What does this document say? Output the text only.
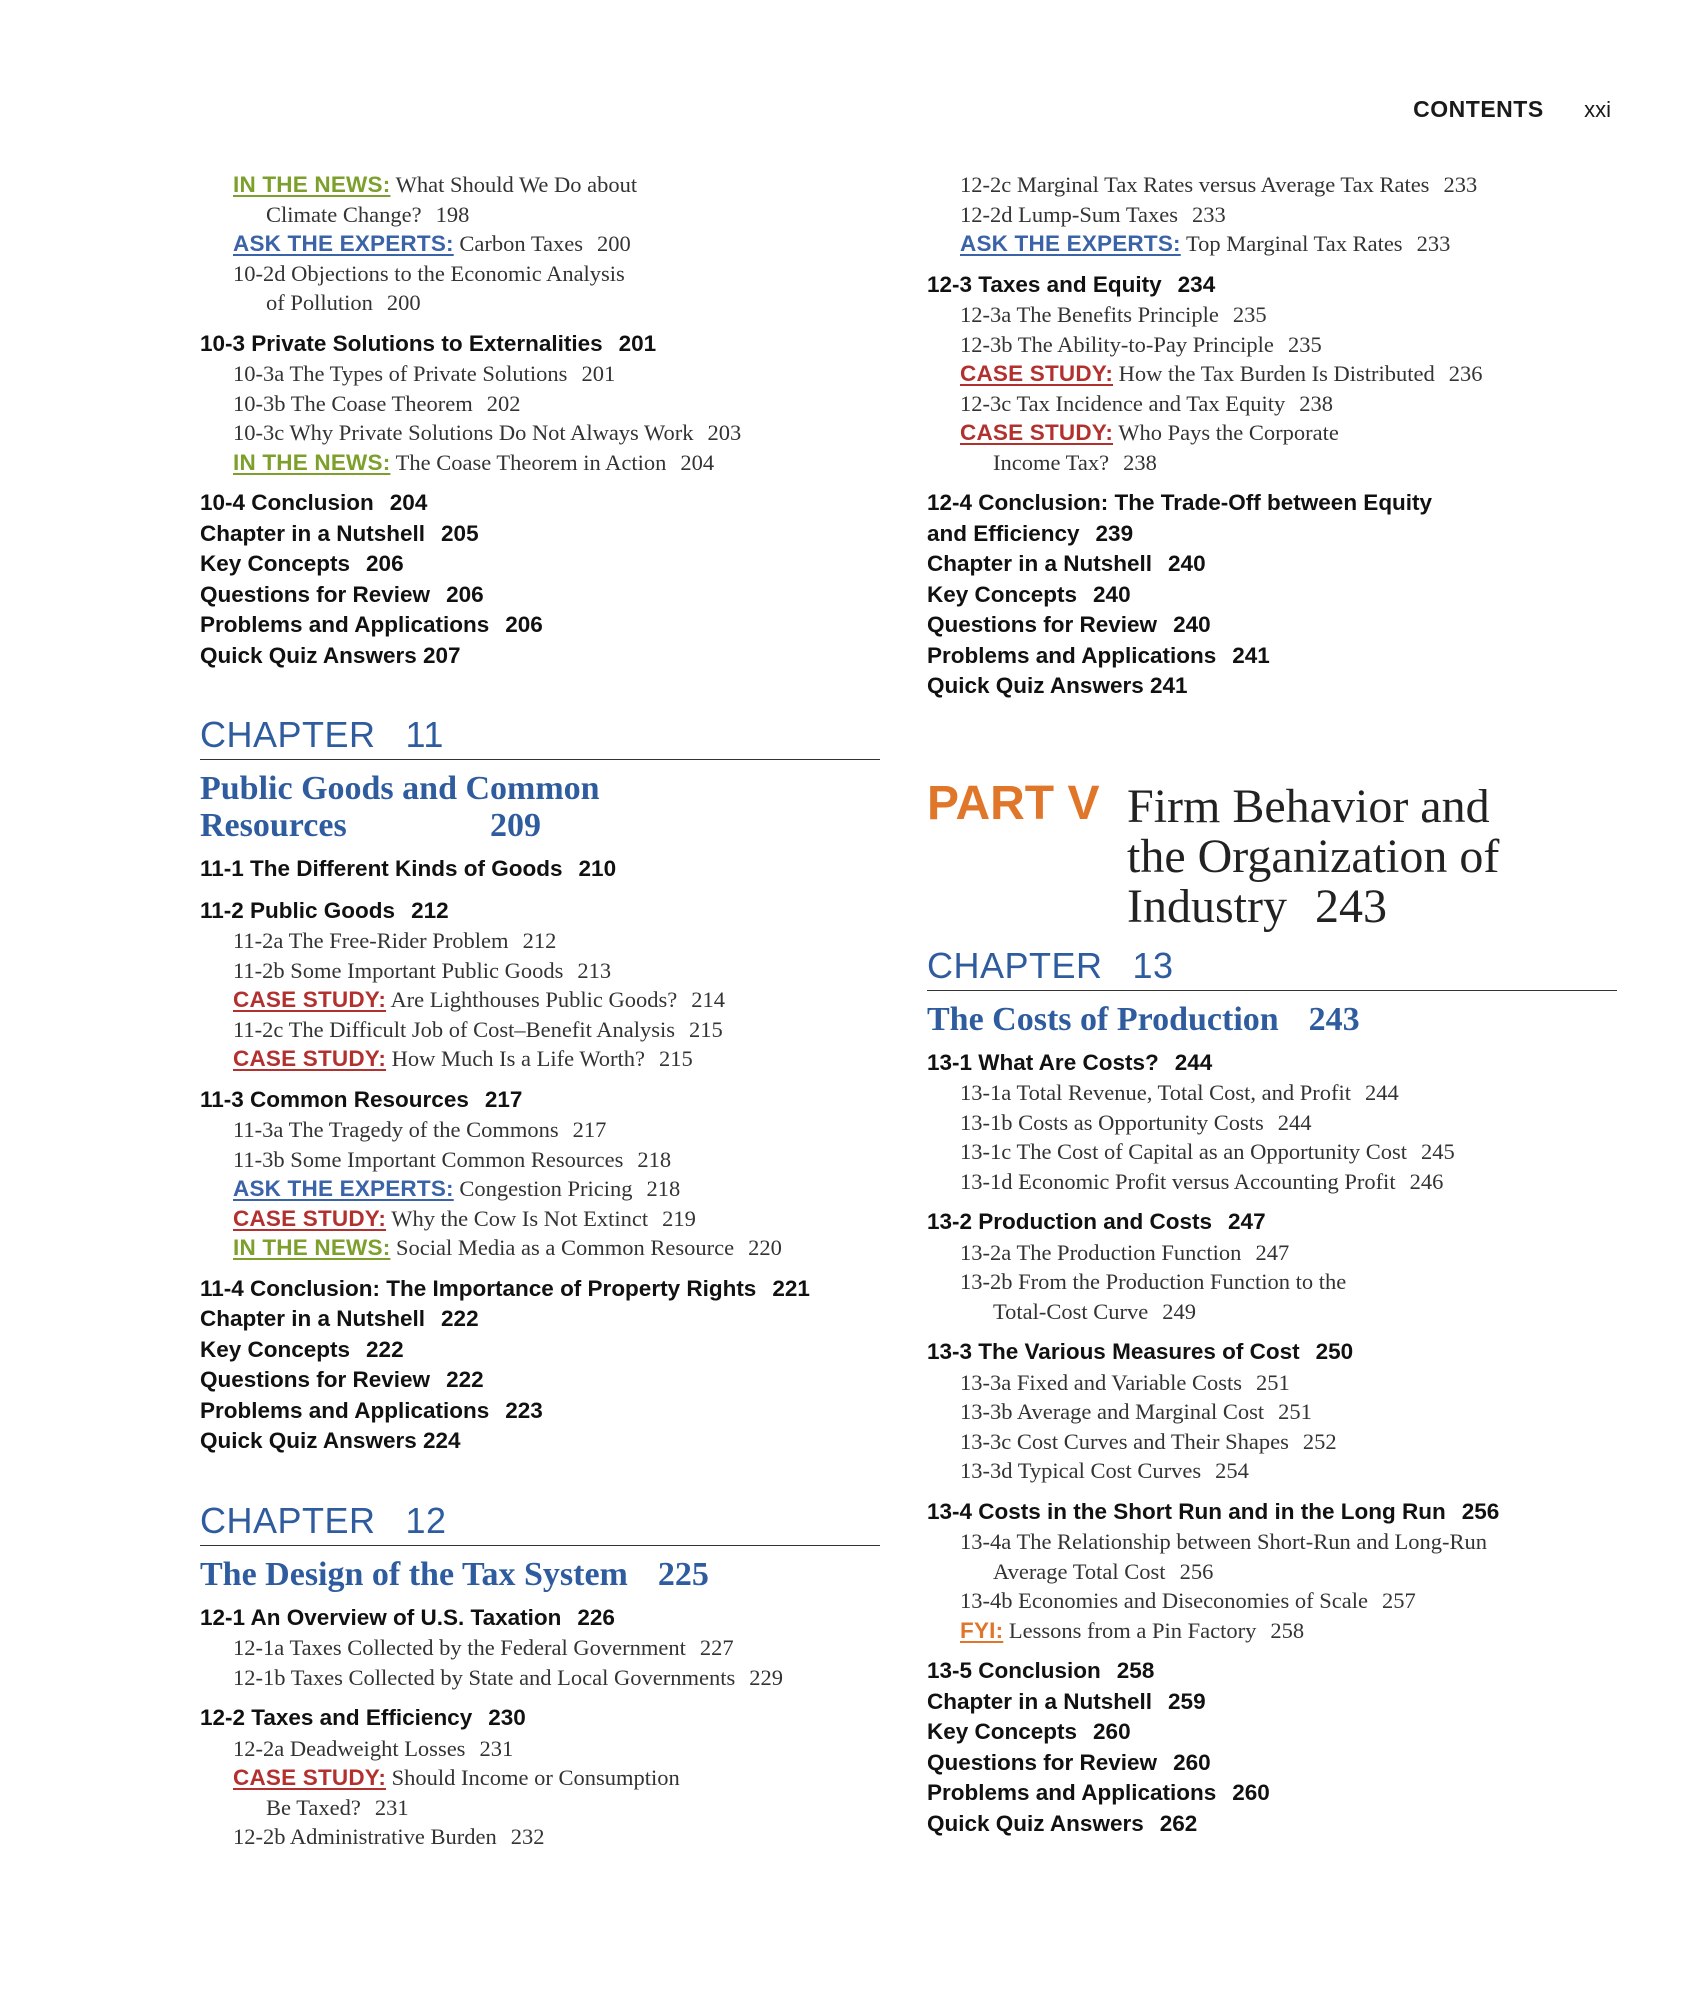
CONTENTS xxi
IN THE NEWS: What Should We Do about
Climate Change? 198
ASK THE EXPERTS: Carbon Taxes 200
10-2d Objections to the Economic Analysis
of Pollution 200
10-3 Private Solutions to Externalities 201
10-3a The Types of Private Solutions 201
10-3b The Coase Theorem 202
10-3c Why Private Solutions Do Not Always Work 203
IN THE NEWS: The Coase Theorem in Action 204
10-4 Conclusion 204
Chapter in a Nutshell 205
Key Concepts 206
Questions for Review 206
Problems and Applications 206
Quick Quiz Answers 207
CHAPTER 11
Public Goods and Common Resources	209
11-1 The Different Kinds of Goods 210
11-2 Public Goods 212
11-2a The Free-Rider Problem 212
11-2b Some Important Public Goods 213
CASE STUDY: Are Lighthouses Public Goods? 214
11-2c The Difficult Job of Cost–Benefit Analysis 215
CASE STUDY: How Much Is a Life Worth? 215
11-3 Common Resources 217
11-3a The Tragedy of the Commons 217
11-3b Some Important Common Resources 218
ASK THE EXPERTS: Congestion Pricing 218
CASE STUDY: Why the Cow Is Not Extinct 219
IN THE NEWS: Social Media as a Common Resource 220
11-4 Conclusion: The Importance of Property Rights 221
Chapter in a Nutshell 222
Key Concepts 222
Questions for Review 222
Problems and Applications 223
Quick Quiz Answers 224
CHAPTER 12
The Design of the Tax System 225
12-1 An Overview of U.S. Taxation 226
12-1a Taxes Collected by the Federal Government 227
12-1b Taxes Collected by State and Local Governments 229
12-2 Taxes and Efficiency 230
12-2a Deadweight Losses 231
CASE STUDY: Should Income or Consumption
Be Taxed? 231
12-2b Administrative Burden 232
12-2c Marginal Tax Rates versus Average Tax Rates 233
12-2d Lump-Sum Taxes 233
ASK THE EXPERTS: Top Marginal Tax Rates 233
12-3 Taxes and Equity 234
12-3a The Benefits Principle 235
12-3b The Ability-to-Pay Principle 235
CASE STUDY: How the Tax Burden Is Distributed 236
12-3c Tax Incidence and Tax Equity 238
CASE STUDY: Who Pays the Corporate
Income Tax? 238
12-4 Conclusion: The Trade-Off between Equity
and Efficiency 239
Chapter in a Nutshell 240
Key Concepts 240
Questions for Review 240
Problems and Applications 241
Quick Quiz Answers 241
PART V Firm Behavior and
the Organization of
Industry 243
CHAPTER 13
The Costs of Production 243
13-1 What Are Costs? 244
13-1a Total Revenue, Total Cost, and Profit 244
13-1b Costs as Opportunity Costs 244
13-1c The Cost of Capital as an Opportunity Cost 245
13-1d Economic Profit versus Accounting Profit 246
13-2 Production and Costs 247
13-2a The Production Function 247
13-2b From the Production Function to the
Total-Cost Curve 249
13-3 The Various Measures of Cost 250
13-3a Fixed and Variable Costs 251
13-3b Average and Marginal Cost 251
13-3c Cost Curves and Their Shapes 252
13-3d Typical Cost Curves 254
13-4 Costs in the Short Run and in the Long Run 256
13-4a The Relationship between Short-Run and Long-Run
Average Total Cost 256
13-4b Economies and Diseconomies of Scale 257
FYI: Lessons from a Pin Factory 258
13-5 Conclusion 258
Chapter in a Nutshell 259
Key Concepts 260
Questions for Review 260
Problems and Applications 260
Quick Quiz Answers 262
